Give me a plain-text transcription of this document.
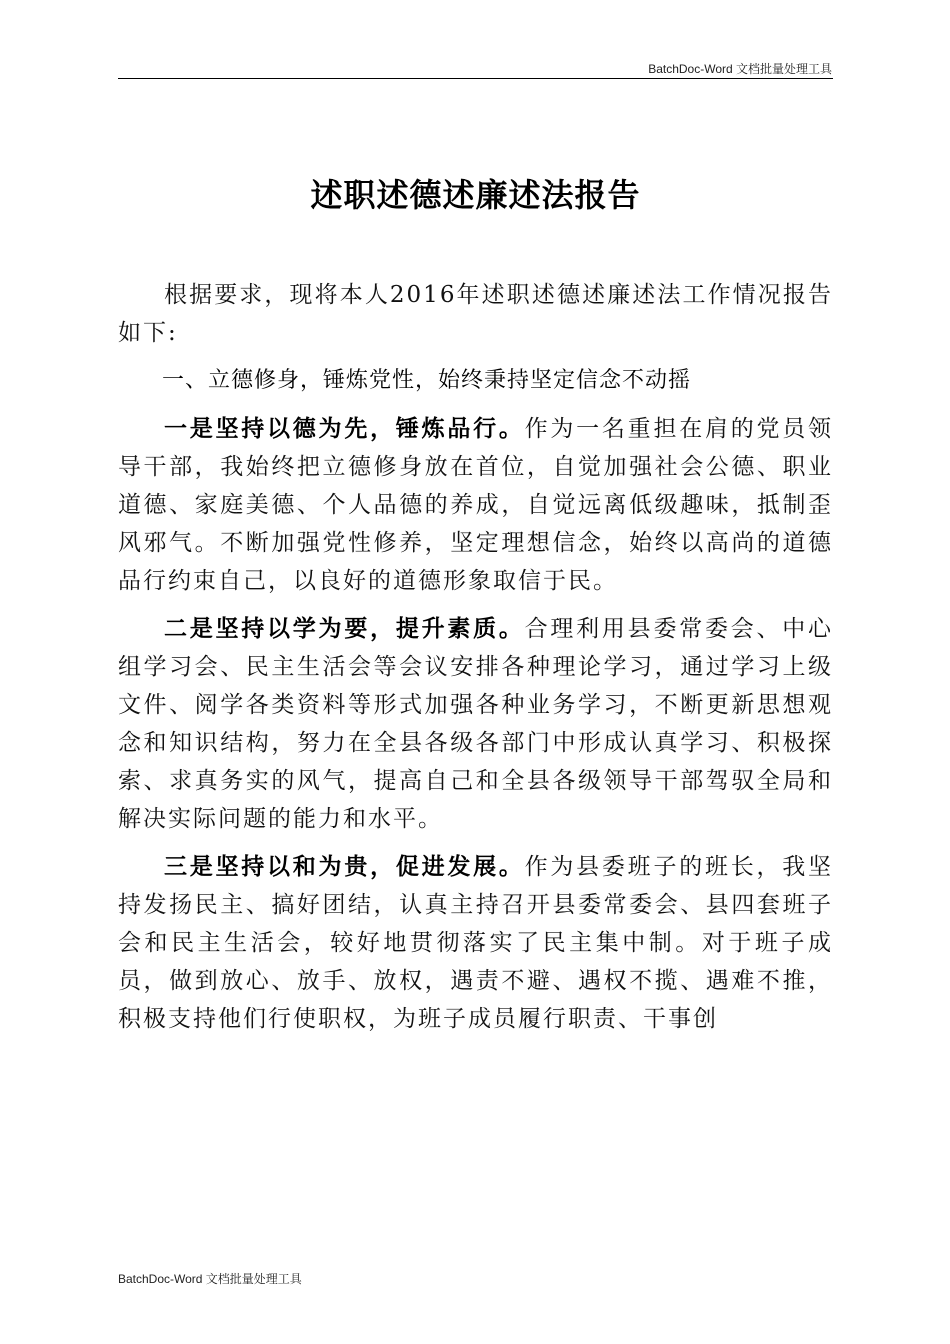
BatchDoc-Word 文档批量处理工具
述职述德述廉述法报告

根据要求，现将本人2016年述职述德述廉述法工作情况报告如下:

一、立德修身，锤炼党性，始终秉持坚定信念不动摇

一是坚持以德为先，锤炼品行。作为一名重担在肩的党员领导干部，我始终把立德修身放在首位，自觉加强社会公德、职业道德、家庭美德、个人品德的养成，自觉远离低级趣味，抵制歪风邪气。不断加强党性修养，坚定理想信念，始终以高尚的道德品行约束自己，以良好的道德形象取信于民。

二是坚持以学为要，提升素质。合理利用县委常委会、中心组学习会、民主生活会等会议安排各种理论学习，通过学习上级文件、阅学各类资料等形式加强各种业务学习，不断更新思想观念和知识结构，努力在全县各级各部门中形成认真学习、积极探索、求真务实的风气，提高自己和全县各级领导干部驾驭全局和解决实际问题的能力和水平。

三是坚持以和为贵，促进发展。作为县委班子的班长，我坚持发扬民主、搞好团结，认真主持召开县委常委会、县四套班子会和民主生活会，较好地贯彻落实了民主集中制。对于班子成员，做到放心、放手、放权，遇责不避、遇权不揽、遇难不推，积极支持他们行使职权，为班子成员履行职责、干事创

BatchDoc-Word 文档批量处理工具
